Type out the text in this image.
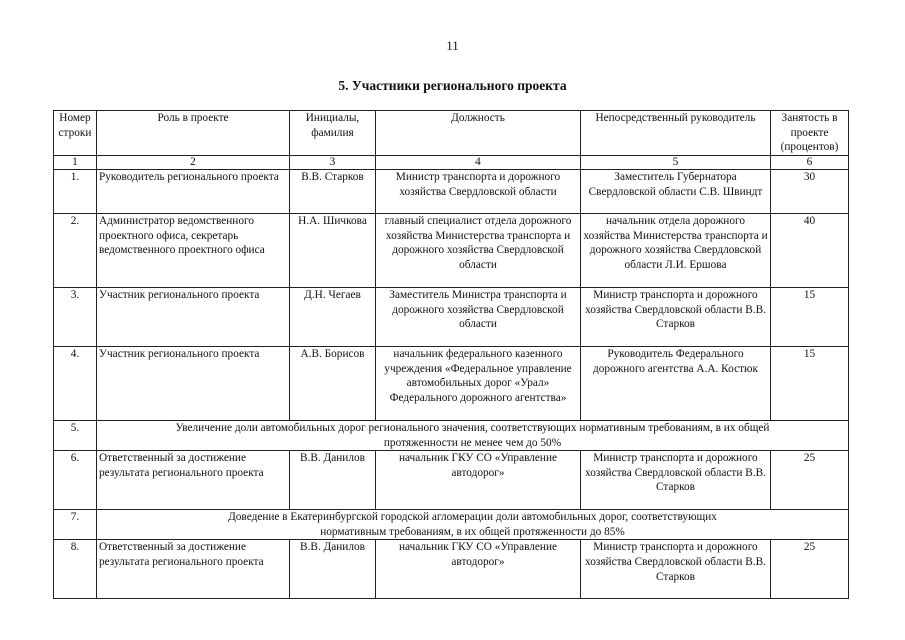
11
5. Участники регионального проекта
Номер строки	Роль в проекте	Инициалы, фамилия	Должность	Непосредственный руководитель	Занятость в проекте (процентов)
1	2	3	4	5	6
1.	Руководитель регионального проекта	В.В. Старков	Министр транспорта и дорожного хозяйства Свердловской области	Заместитель Губернатора Свердловской области С.В. Швиндт	30
2.	Администратор ведомственного проектного офиса, секретарь ведомственного проектного офиса	Н.А. Шичкова	главный специалист отдела дорожного хозяйства Министерства транспорта и дорожного хозяйства Свердловской области	начальник отдела дорожного хозяйства Министерства транспорта и дорожного хозяйства Свердловской области Л.И. Ершова	40
3.	Участник регионального проекта	Д.Н. Чегаев	Заместитель Министра транспорта и дорожного хозяйства Свердловской области	Министр транспорта и дорожного хозяйства Свердловской области В.В. Старков	15
4.	Участник регионального проекта	А.В. Борисов	начальник федерального казенного учреждения «Федеральное управление автомобильных дорог «Урал» Федерального дорожного агентства»	Руководитель Федерального дорожного агентства А.А. Костюк	15
5.	Увеличение доли автомобильных дорог регионального значения, соответствующих нормативным требованиям, в их общей протяженности не менее чем до 50%				
6.	Ответственный за достижение результата регионального проекта	В.В. Данилов	начальник ГКУ СО «Управление автодорог»	Министр транспорта и дорожного хозяйства Свердловской области В.В. Старков	25
7.	Доведение в Екатеринбургской городской агломерации доли автомобильных дорог, соответствующих нормативным требованиям, в их общей протяженности до 85%				
8.	Ответственный за достижение результата регионального проекта	В.В. Данилов	начальник ГКУ СО «Управление автодорог»	Министр транспорта и дорожного хозяйства Свердловской области В.В. Старков	25
